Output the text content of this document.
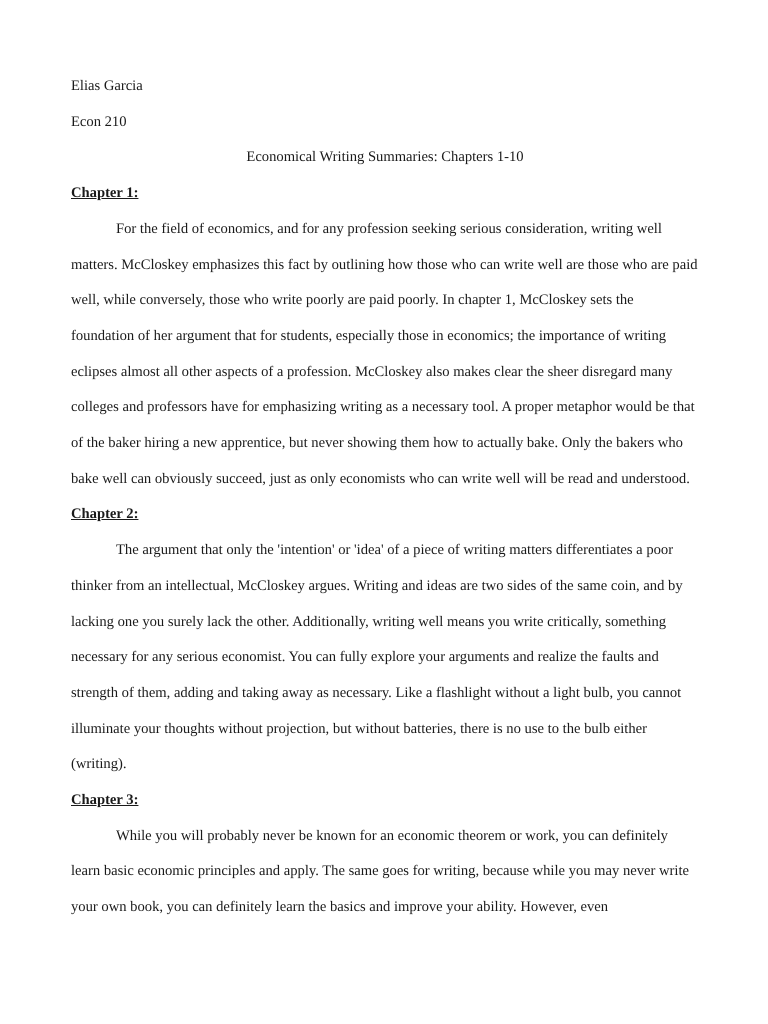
Elias Garcia
Econ 210
Economical Writing Summaries: Chapters 1-10
Chapter 1:
For the field of economics, and for any profession seeking serious consideration, writing well matters. McCloskey emphasizes this fact by outlining how those who can write well are those who are paid well, while conversely, those who write poorly are paid poorly. In chapter 1, McCloskey sets the foundation of her argument that for students, especially those in economics; the importance of writing eclipses almost all other aspects of a profession. McCloskey also makes clear the sheer disregard many colleges and professors have for emphasizing writing as a necessary tool. A proper metaphor would be that of the baker hiring a new apprentice, but never showing them how to actually bake. Only the bakers who bake well can obviously succeed, just as only economists who can write well will be read and understood.
Chapter 2:
The argument that only the 'intention' or 'idea' of a piece of writing matters differentiates a poor thinker from an intellectual, McCloskey argues. Writing and ideas are two sides of the same coin, and by lacking one you surely lack the other. Additionally, writing well means you write critically, something necessary for any serious economist. You can fully explore your arguments and realize the faults and strength of them, adding and taking away as necessary. Like a flashlight without a light bulb, you cannot illuminate your thoughts without projection, but without batteries, there is no use to the bulb either (writing).
Chapter 3:
While you will probably never be known for an economic theorem or work, you can definitely learn basic economic principles and apply. The same goes for writing, because while you may never write your own book, you can definitely learn the basics and improve your ability. However, even
